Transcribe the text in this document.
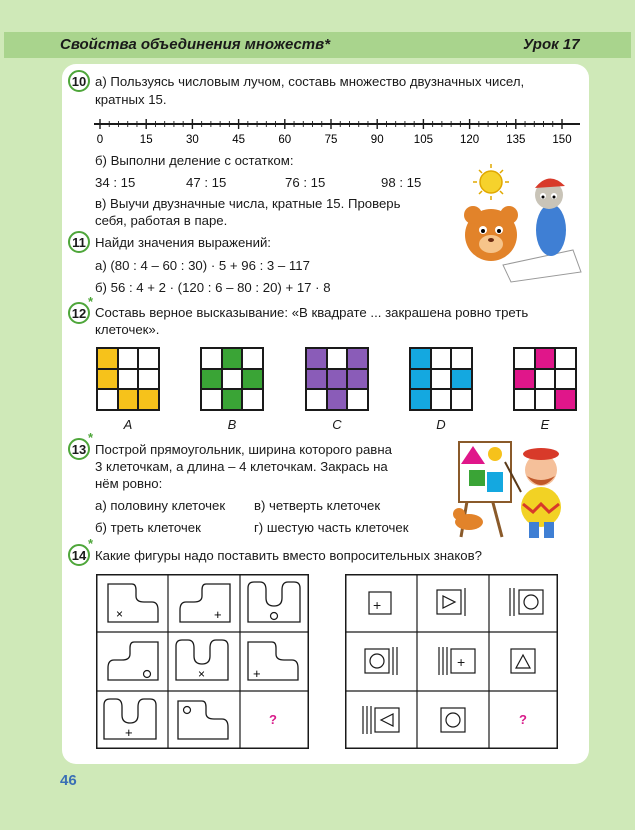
Свойства объединения множеств*	Урок 17
10 а) Пользуясь числовым лучом, составь множество двузначных чисел,
кратных 15.
0	15	30	45	60	75	90	105 120 135 150
б) Выполни деление с остатком:
34 : 15	47 : 15	76 : 15	98 : 15
в) Выучи двузначные числа, кратные 15. Проверь
себя, работая в паре.
11 Найди значения выражений:
а) (80 : 4 – 60 : 30) · 5 + 96 : 3 – 117
б) 56 : 4 + 2 · (120 : 6 – 80 : 20) + 17 · 8
*
12 Составь верное высказывание: «В квадрате ... закрашена ровно треть
клеточек».
A	B	C	D	E
*
13 Построй прямоугольник, ширина которого равна
3 клеточкам, а длина – 4 клеточкам. Закрась на
нём ровно:
а) половину клеточек в) четверть клеточек
б) треть клеточек	г) шестую часть клеточек
*
14 Какие фигуры надо поставить вместо вопросительных знаков?
×	+
×	+
+
?
+
+
?
46
